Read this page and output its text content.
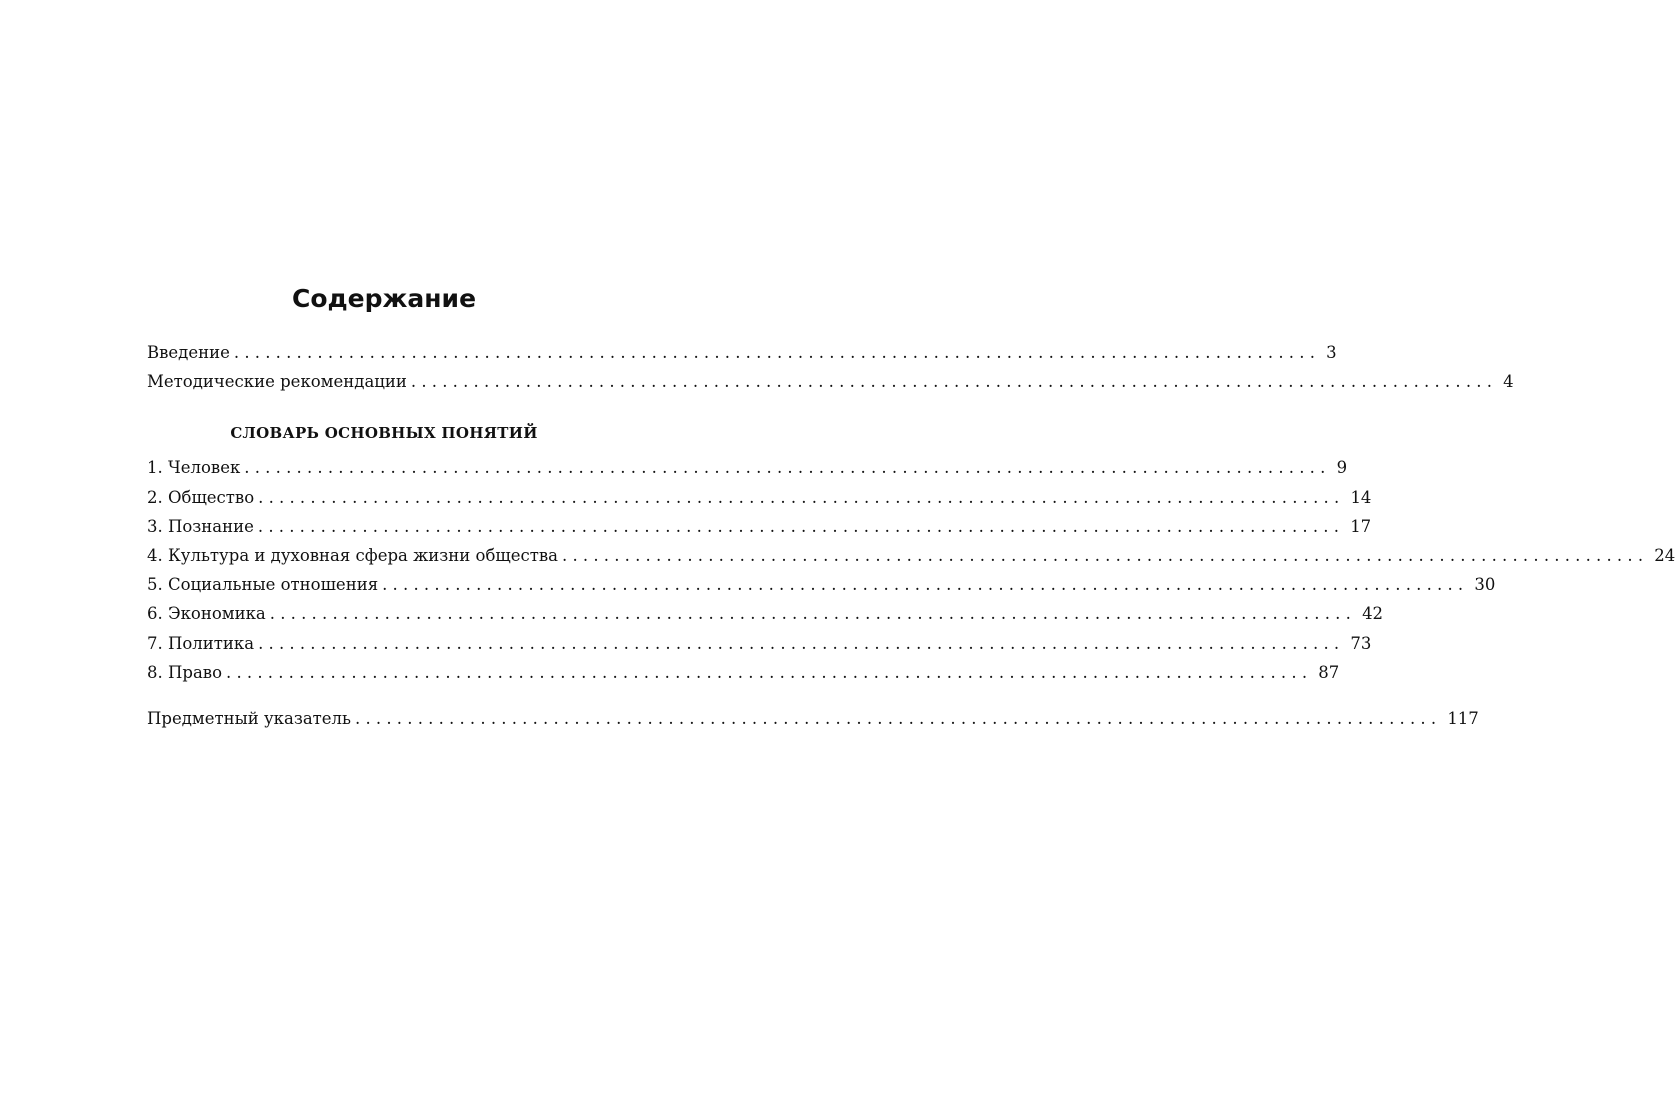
Содержание
Введение ........................................................................................................ 3
Методические рекомендации ........................................................................................................ 4
1. Человек ........................................................................................................ 9
2. Общество ........................................................................................................ 14
3. Познание ........................................................................................................ 17
4. Культура и духовная сфера жизни общества ........................................................................................................ 24
5. Социальные отношения ........................................................................................................ 30
6. Экономика ........................................................................................................ 42
7. Политика ........................................................................................................ 73
8. Право ........................................................................................................ 87
Предметный указатель ........................................................................................................ 117
СЛОВАРЬ ОСНОВНЫХ ПОНЯТИЙ
